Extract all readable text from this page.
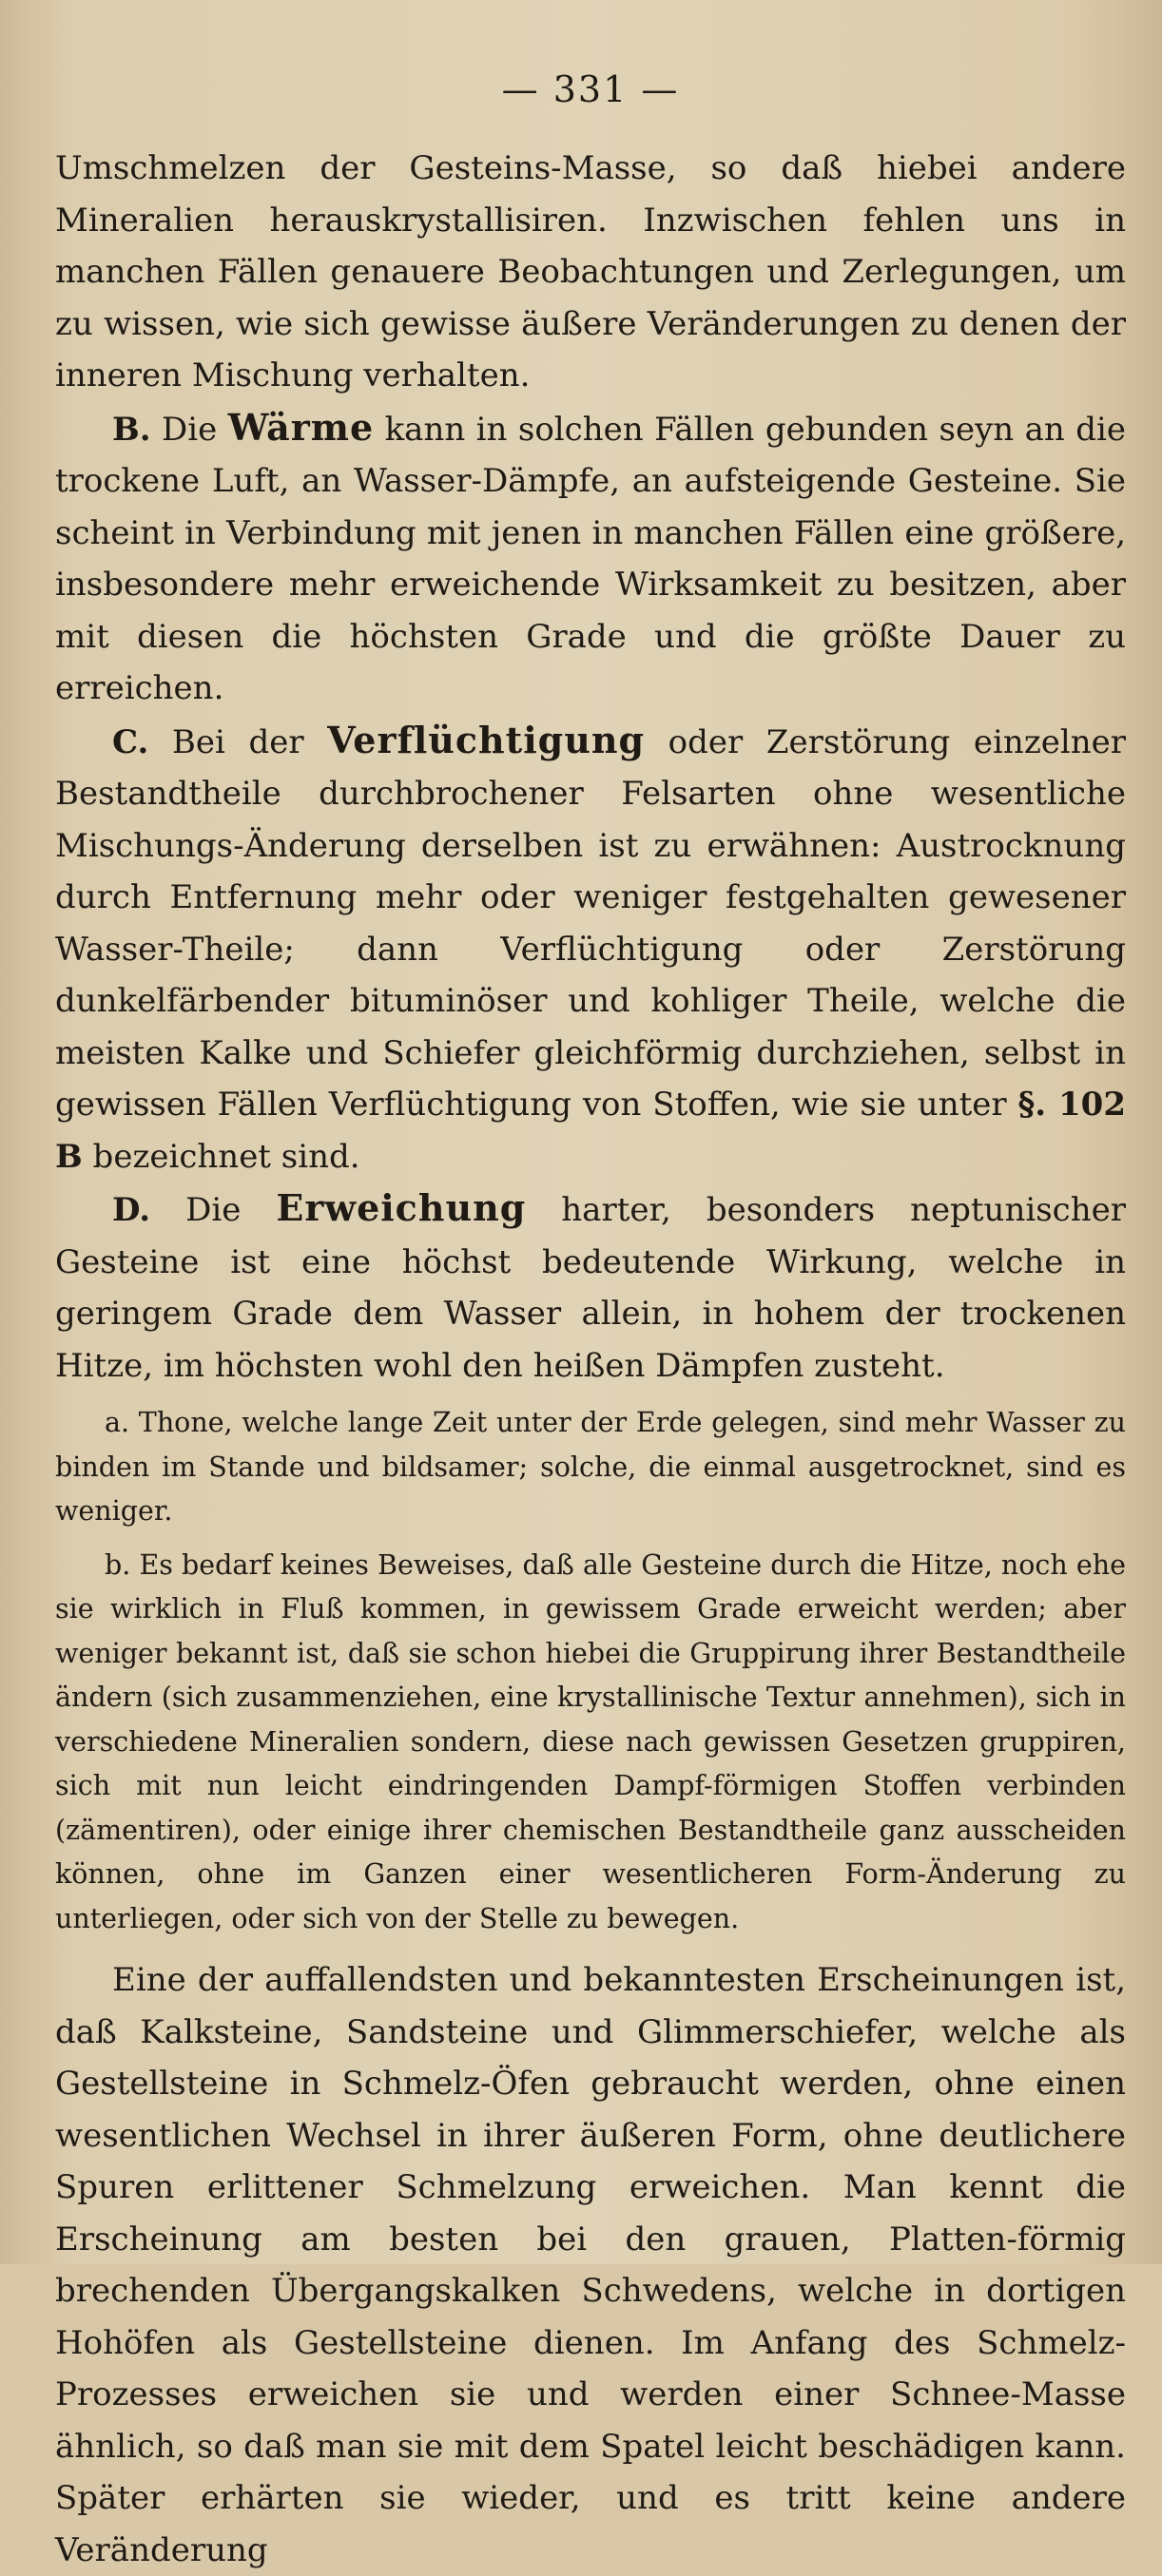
— 331 —

Umschmelzen der Gesteins-Masse, so daß hiebei andere Mineralien herauskrystallisiren. Inzwischen fehlen uns in manchen Fällen genauere Beobachtungen und Zerlegungen, um zu wissen, wie sich gewisse äußere Veränderungen zu denen der inneren Mischung verhalten.

B. Die Wärme kann in solchen Fällen gebunden seyn an die trockene Luft, an Wasser-Dämpfe, an aufsteigende Gesteine. Sie scheint in Verbindung mit jenen in manchen Fällen eine größere, insbesondere mehr erweichende Wirksamkeit zu besitzen, aber mit diesen die höchsten Grade und die größte Dauer zu erreichen.

C. Bei der Verflüchtigung oder Zerstörung einzelner Bestandtheile durchbrochener Felsarten ohne wesentliche Mischungs-Änderung derselben ist zu erwähnen: Austrocknung durch Entfernung mehr oder weniger festgehalten gewesener Wasser-Theile; dann Verflüchtigung oder Zerstörung dunkelfärbender bituminöser und kohliger Theile, welche die meisten Kalke und Schiefer gleichförmig durchziehen, selbst in gewissen Fällen Verflüchtigung von Stoffen, wie sie unter §. 102 B bezeichnet sind.

D. Die Erweichung harter, besonders neptunischer Gesteine ist eine höchst bedeutende Wirkung, welche in geringem Grade dem Wasser allein, in hohem der trockenen Hitze, im höchsten wohl den heißen Dämpfen zusteht.

a. Thone, welche lange Zeit unter der Erde gelegen, sind mehr Wasser zu binden im Stande und bildsamer; solche, die einmal ausgetrocknet, sind es weniger.

b. Es bedarf keines Beweises, daß alle Gesteine durch die Hitze, noch ehe sie wirklich in Fluß kommen, in gewissem Grade erweicht werden; aber weniger bekannt ist, daß sie schon hiebei die Gruppirung ihrer Bestandtheile ändern (sich zusammenziehen, eine krystallinische Textur annehmen), sich in verschiedene Mineralien sondern, diese nach gewissen Gesetzen gruppiren, sich mit nun leicht eindringenden Dampf-förmigen Stoffen verbinden (zämentiren), oder einige ihrer chemischen Bestandtheile ganz ausscheiden können, ohne im Ganzen einer wesentlicheren Form-Änderung zu unterliegen, oder sich von der Stelle zu bewegen.

Eine der auffallendsten und bekanntesten Erscheinungen ist, daß Kalksteine, Sandsteine und Glimmerschiefer, welche als Gestellsteine in Schmelz-Öfen gebraucht werden, ohne einen wesentlichen Wechsel in ihrer äußeren Form, ohne deutlichere Spuren erlittener Schmelzung erweichen. Man kennt die Erscheinung am besten bei den grauen, Platten-förmig brechenden Übergangskalken Schwedens, welche in dortigen Hohöfen als Gestellsteine dienen. Im Anfang des Schmelz-Prozesses erweichen sie und werden einer Schnee-Masse ähnlich, so daß man sie mit dem Spatel leicht beschädigen kann. Später erhärten sie wieder, und es tritt keine andere Veränderung
